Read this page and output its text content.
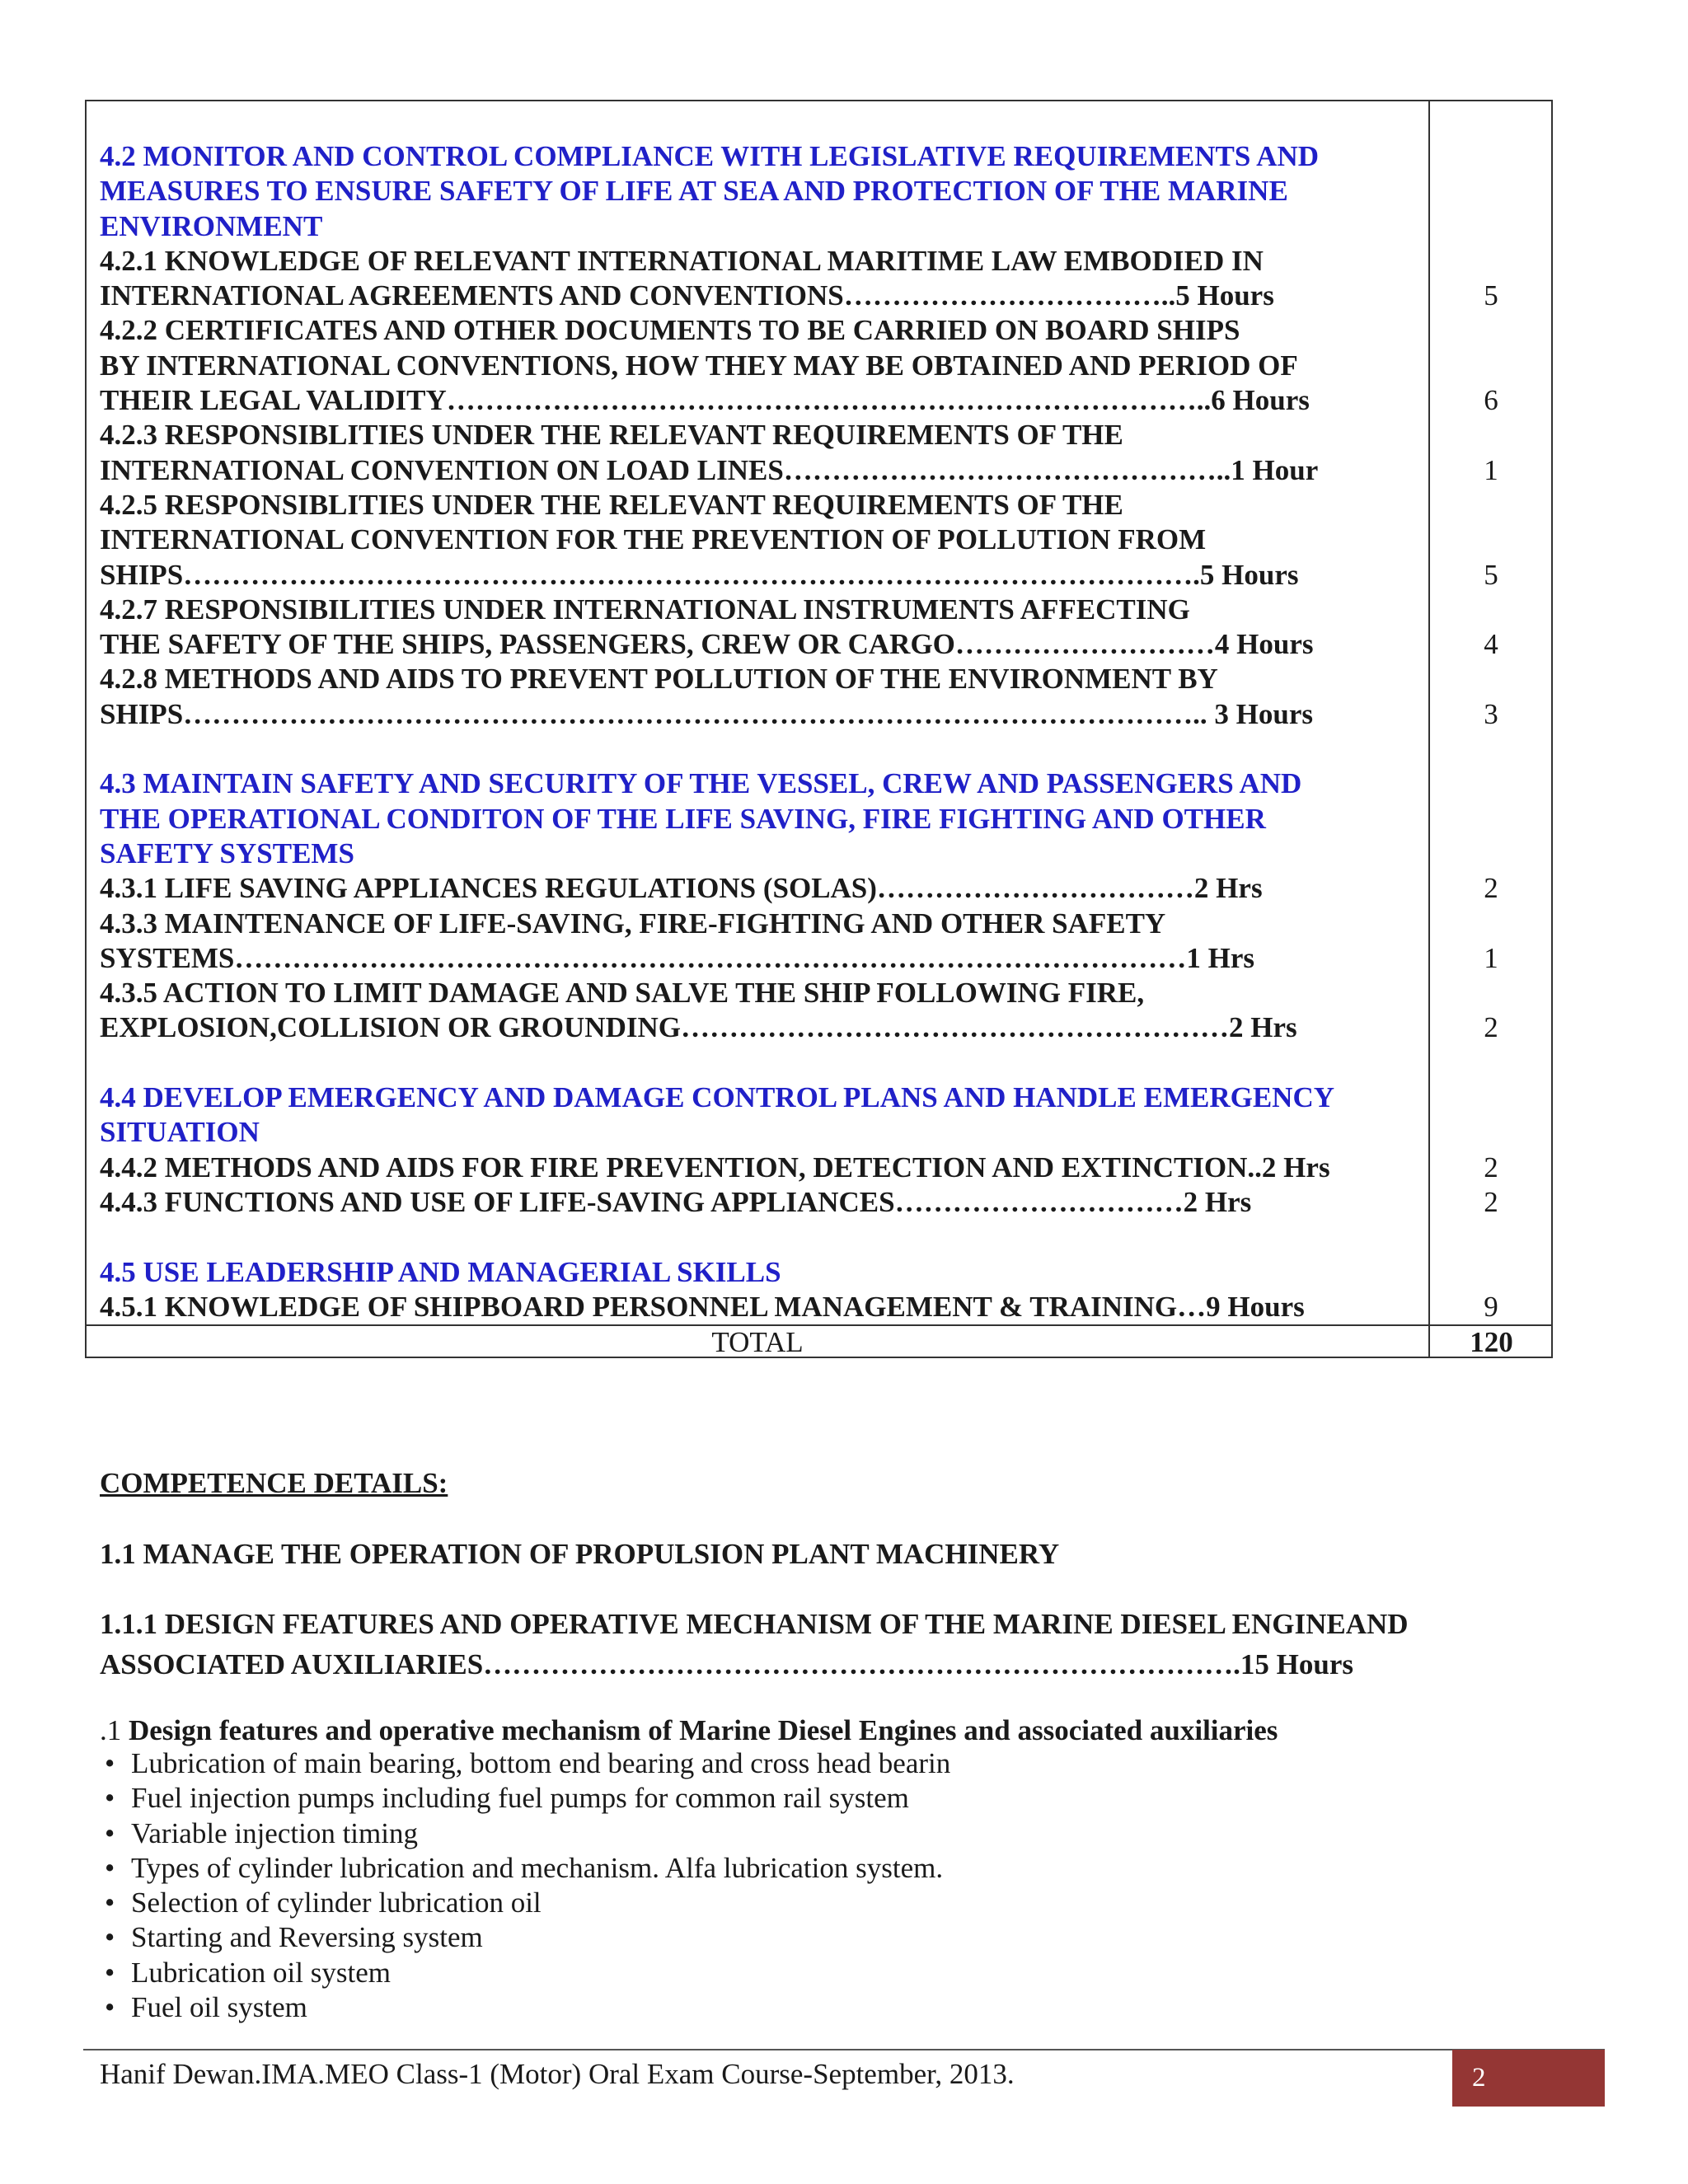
4.2 MONITOR AND CONTROL COMPLIANCE WITH LEGISLATIVE REQUIREMENTS AND
MEASURES TO ENSURE SAFETY OF LIFE AT SEA AND PROTECTION OF THE MARINE
ENVIRONMENT
4.2.1 KNOWLEDGE OF RELEVANT INTERNATIONAL MARITIME LAW EMBODIED IN
INTERNATIONAL AGREEMENTS AND CONVENTIONS……………………………..5 Hours
4.2.2 CERTIFICATES AND OTHER DOCUMENTS TO BE CARRIED ON BOARD SHIPS
BY INTERNATIONAL CONVENTIONS, HOW THEY MAY BE OBTAINED AND PERIOD OF
THEIR LEGAL VALIDITY……………………………………………………………………..6 Hours
4.2.3 RESPONSIBLITIES UNDER THE RELEVANT REQUIREMENTS OF THE
INTERNATIONAL CONVENTION ON LOAD LINES………………………………………..1 Hour
4.2.5 RESPONSIBLITIES UNDER THE RELEVANT REQUIREMENTS OF THE
INTERNATIONAL CONVENTION FOR THE PREVENTION OF POLLUTION FROM
SHIPS…………………………………………………………………………………………….5 Hours
4.2.7 RESPONSIBILITIES UNDER INTERNATIONAL INSTRUMENTS AFFECTING
THE SAFETY OF THE SHIPS, PASSENGERS, CREW OR CARGO………………………4 Hours
4.2.8 METHODS AND AIDS TO PREVENT POLLUTION OF THE ENVIRONMENT BY
SHIPS…………………………………………………………………………………………….. 3 Hours
4.3 MAINTAIN SAFETY AND SECURITY OF THE VESSEL, CREW AND PASSENGERS AND
THE OPERATIONAL CONDITON OF THE LIFE SAVING, FIRE FIGHTING AND OTHER
SAFETY SYSTEMS
4.3.1 LIFE SAVING APPLIANCES REGULATIONS (SOLAS)……………………………2 Hrs
4.3.3 MAINTENANCE OF LIFE-SAVING, FIRE-FIGHTING AND OTHER SAFETY
SYSTEMS………………………………………………………………………………………1 Hrs
4.3.5 ACTION TO LIMIT DAMAGE AND SALVE THE SHIP FOLLOWING FIRE,
EXPLOSION,COLLISION OR GROUNDING…………………………………………………2 Hrs
4.4 DEVELOP EMERGENCY AND DAMAGE CONTROL PLANS AND HANDLE EMERGENCY
SITUATION
4.4.2 METHODS AND AIDS FOR FIRE PREVENTION, DETECTION AND EXTINCTION..2 Hrs
4.4.3 FUNCTIONS AND USE OF LIFE-SAVING APPLIANCES…………………………2 Hrs
4.5 USE LEADERSHIP AND MANAGERIAL SKILLS
4.5.1 KNOWLEDGE OF SHIPBOARD PERSONNEL MANAGEMENT & TRAINING…9 Hours
5
6
1
5
4
3
2
1
2
2
2
9
TOTAL	120
COMPETENCE DETAILS:
1.1 MANAGE THE OPERATION OF PROPULSION PLANT MACHINERY
1.1.1 DESIGN FEATURES AND OPERATIVE MECHANISM OF THE MARINE DIESEL ENGINEAND
ASSOCIATED AUXILIARIES…………………………………………………………………….15 Hours
.1 Design features and operative mechanism of Marine Diesel Engines and associated auxiliaries
• Lubrication of main bearing, bottom end bearing and cross head bearin
• Fuel injection pumps including fuel pumps for common rail system
• Variable injection timing
• Types of cylinder lubrication and mechanism. Alfa lubrication system.
• Selection of cylinder lubrication oil
• Starting and Reversing system
• Lubrication oil system
• Fuel oil system
Hanif Dewan.IMA.MEO Class-1 (Motor) Oral Exam Course-September, 2013.	2
